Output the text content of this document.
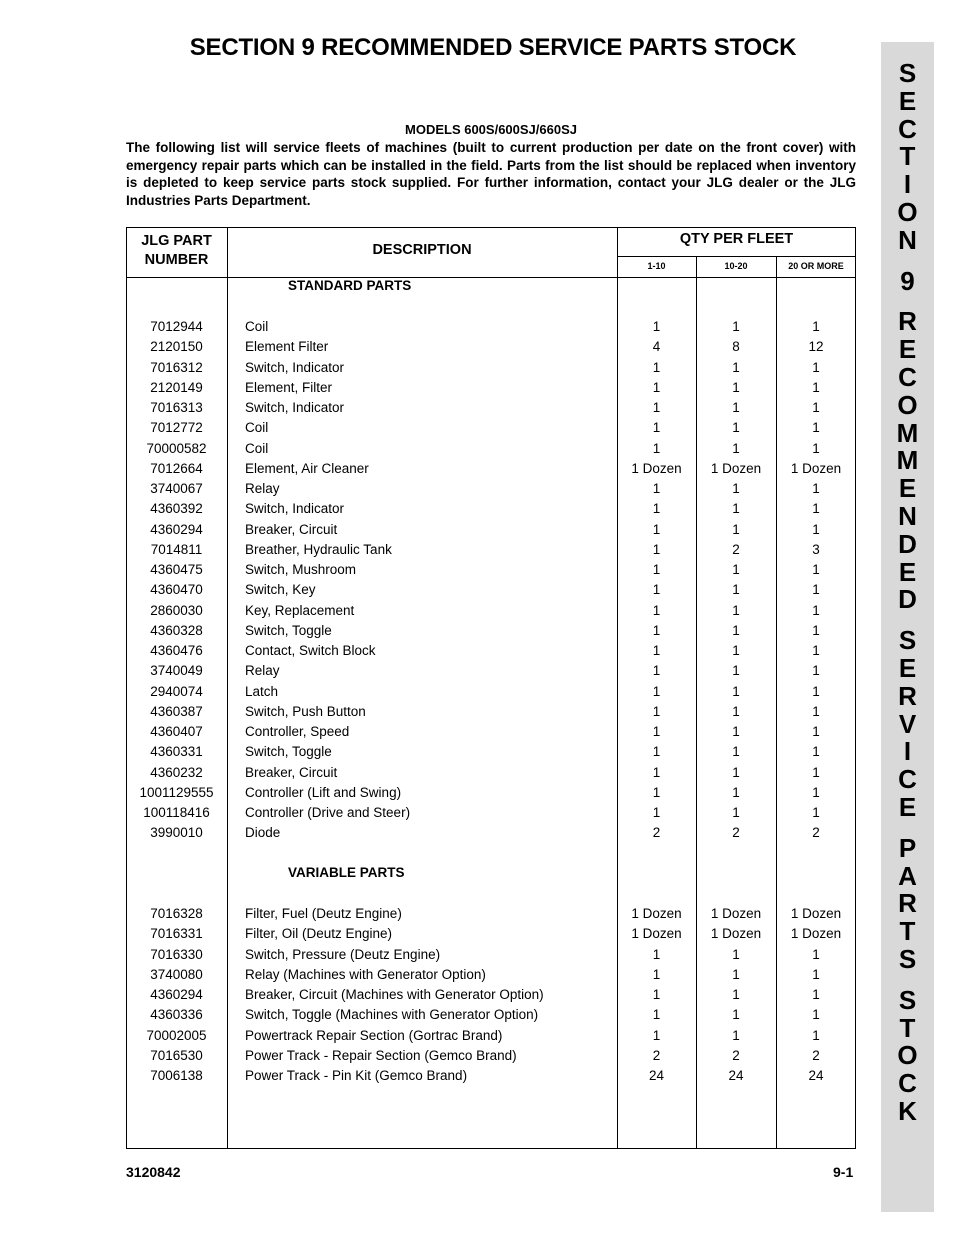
SECTION 9 RECOMMENDED SERVICE PARTS STOCK
S
E
C
T
I
O
N
9
R
E
C
O
M
M
E
N
D
E
D
S
E
R
V
I
C
E
P
A
R
T
S
S
T
O
C
K
MODELS 600S/600SJ/660SJ
The following list will service fleets of machines (built to current production per date on the front cover) with emergency repair parts which can be installed in the field. Parts from the list should be replaced when inventory is depleted to keep service parts stock supplied. For further information, contact your JLG dealer or the JLG Industries Parts Department.
JLG PART NUMBER
DESCRIPTION
QTY PER FLEET
1-10	10-20	20 OR MORE
STANDARD PARTS
7012944	Coil	1	1	1
2120150	Element Filter	4	8	12
7016312	Switch, Indicator	1	1	1
2120149	Element, Filter	1	1	1
7016313	Switch, Indicator	1	1	1
7012772	Coil	1	1	1
70000582	Coil	1	1	1
7012664	Element, Air Cleaner	1 Dozen	1 Dozen	1 Dozen
3740067	Relay	1	1	1
4360392	Switch, Indicator	1	1	1
4360294	Breaker, Circuit	1	1	1
7014811	Breather, Hydraulic Tank	1	2	3
4360475	Switch, Mushroom	1	1	1
4360470	Switch, Key	1	1	1
2860030	Key, Replacement	1	1	1
4360328	Switch, Toggle	1	1	1
4360476	Contact, Switch Block	1	1	1
3740049	Relay	1	1	1
2940074	Latch	1	1	1
4360387	Switch, Push Button	1	1	1
4360407	Controller, Speed	1	1	1
4360331	Switch, Toggle	1	1	1
4360232	Breaker, Circuit	1	1	1
1001129555	Controller (Lift and Swing)	1	1	1
100118416	Controller (Drive and Steer)	1	1	1
3990010	Diode	2	2	2
VARIABLE PARTS
7016328	Filter, Fuel (Deutz Engine)	1 Dozen	1 Dozen	1 Dozen
7016331	Filter, Oil (Deutz Engine)	1 Dozen	1 Dozen	1 Dozen
7016330	Switch, Pressure (Deutz Engine)	1	1	1
3740080	Relay (Machines with Generator Option)	1	1	1
4360294	Breaker, Circuit (Machines with Generator Option)	1	1	1
4360336	Switch, Toggle (Machines with Generator Option)	1	1	1
70002005	Powertrack Repair Section (Gortrac Brand)	1	1	1
7016530	Power Track - Repair Section (Gemco Brand)	2	2	2
7006138	Power Track - Pin Kit (Gemco Brand)	24	24	24
3120842	9-1
